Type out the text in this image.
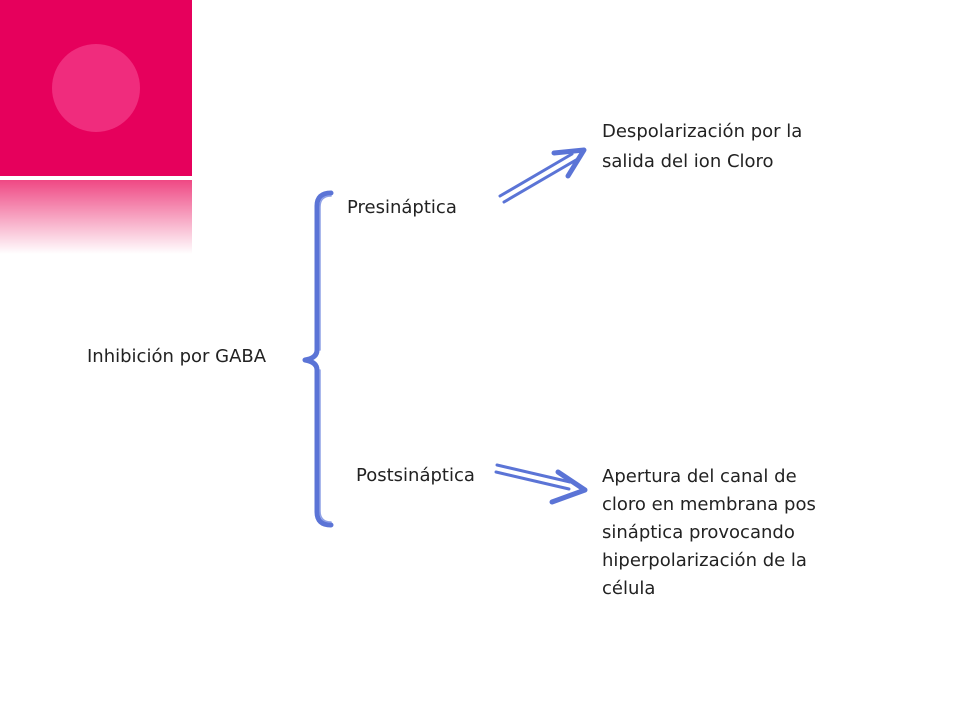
Inhibición por GABA
Presináptica
Postsináptica
Despolarización por la
salida del ion Cloro
Apertura del canal de
cloro en membrana pos
sináptica provocando
hiperpolarización de la
célula
